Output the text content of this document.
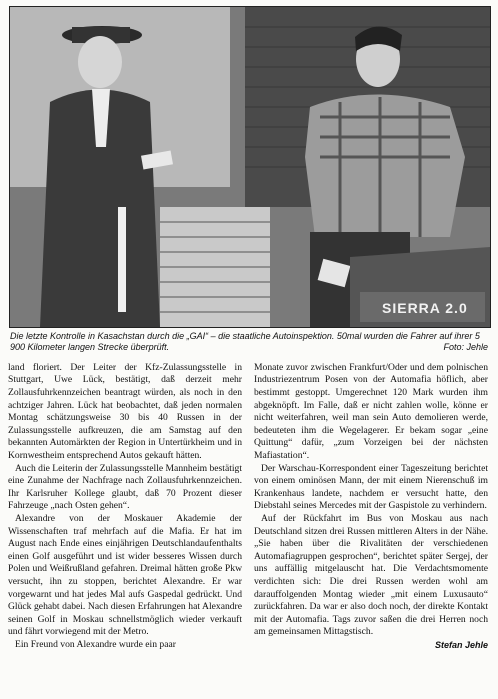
SIERRA 2.0
Die letzte Kontrolle in Kasachstan durch die „GAI“ – die staatliche Autoinspektion. 50mal wurden die Fahrer auf ihrer 5 900 Kilometer langen Strecke überprüft.	Foto: Jehle

land floriert. Der Leiter der Kfz-Zulassungsstelle in Stuttgart, Uwe Lück, bestätigt, daß derzeit mehr Zollausfuhrkennzeichen beantragt würden, als noch in den achtziger Jahren. Lück hat beobachtet, daß jeden normalen Montag schätzungsweise 30 bis 40 Russen in der Zulassungsstelle aufkreuzen, die am Samstag auf den bekannten Automärkten der Region in Untertürkheim und in Kornwestheim entsprechend Autos gekauft hätten.

Auch die Leiterin der Zulassungsstelle Mannheim bestätigt eine Zunahme der Nachfrage nach Zollausfuhrkennzeichen. Ihr Karlsruher Kollege glaubt, daß 70 Prozent dieser Fahrzeuge „nach Osten gehen“.

Alexandre von der Moskauer Akademie der Wissenschaften traf mehrfach auf die Mafia. Er hat im August nach Ende eines einjährigen Deutschlandaufenthalts einen Golf ausgeführt und ist wider besseres Wissen durch Polen und Weißrußland gefahren. Dreimal hätten große Pkw versucht, ihn zu stoppen, berichtet Alexandre. Er war vorgewarnt und hat jedes Mal aufs Gaspedal gedrückt. Und Glück gehabt dabei. Nach diesen Erfahrungen hat Alexandre seinen Golf in Moskau schnellstmöglich wieder verkauft und fährt vorwiegend mit der Metro.

Ein Freund von Alexandre wurde ein paar

Monate zuvor zwischen Frankfurt/Oder und dem polnischen Industriezentrum Posen von der Automafia höflich, aber bestimmt gestoppt. Umgerechnet 120 Mark wurden ihm abgeknöpft. Im Falle, daß er nicht zahlen wolle, könne er nicht weiterfahren, weil man sein Auto demolieren werde, bedeuteten ihm die Wegelagerer. Er bekam sogar „eine Quittung“ dafür, „zum Vorzeigen bei der nächsten Mafiastation“.

Der Warschau-Korrespondent einer Tageszeitung berichtet von einem ominösen Mann, der mit einem Nierenschuß im Krankenhaus landete, nachdem er versucht hatte, den Diebstahl seines Mercedes mit der Gaspistole zu verhindern.

Auf der Rückfahrt im Bus von Moskau aus nach Deutschland sitzen drei Russen mittleren Alters in der Nähe. „Sie haben über die Rivalitäten der verschiedenen Automafiagruppen gesprochen“, berichtet später Sergej, der uns auffällig mitgelauscht hat. Die Verdachtsmomente verdichten sich: Die drei Russen werden wohl am darauffolgenden Montag wieder „mit einem Luxusauto“ zurückfahren. Da war er also doch noch, der direkte Kontakt mit der Automafia. Tags zuvor saßen die drei Herren noch am gemeinsamen Mittagstisch.

Stefan Jehle
